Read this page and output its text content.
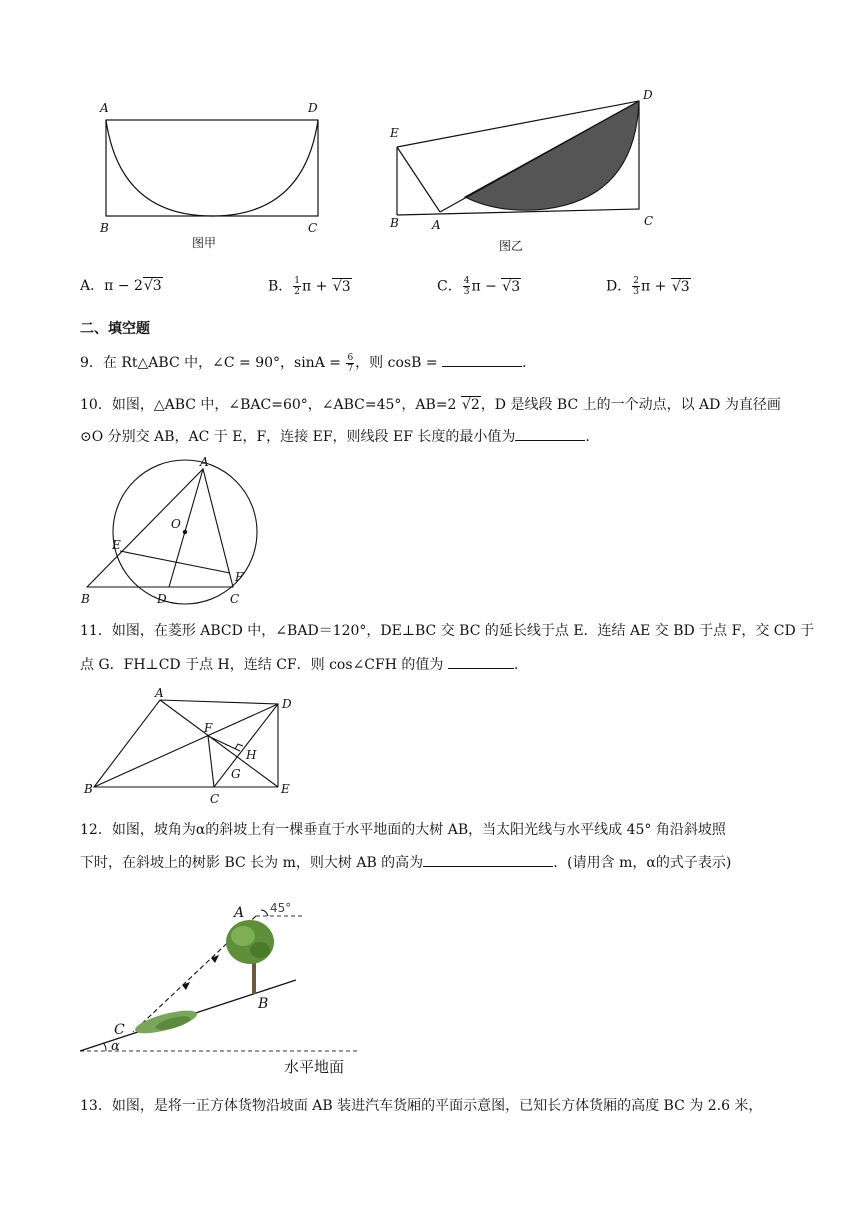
A	D
B	C
图甲
D
E
B	A	C
图乙
A．π − 2√3	B． $\frac{1}{2}$ π + √3	C． $\frac{4}{3}$ π − √3	D． $\frac{2}{3}$ π + √3
二、填空题
9．在 Rt△ABC 中，∠C = 90°，$\sin A = \frac{6}{7}$ ，则 cosB =	.
10．如图，△ABC 中，∠BAC=60°，∠ABC=45°，AB=2 √2，D 是线段 BC 上的一个动点，以 AD 为直径画
⊙O 分别交 AB，AC 于 E，F，连接 EF，则线段 EF 长度的最小值为	.
A
O
E
F
B	D	C
11．如图，在菱形 ABCD 中，∠BAD＝120°，DE⊥BC 交 BC 的延长线于点 E．连结 AE 交 BD 于点 F，交 CD 于
点 G．FH⊥CD 于点 H，连结 CF．则 cos∠CFH 的值为	.
A
D
F
H
G
B
C
E
12．如图，坡角为α的斜坡上有一棵垂直于水平地面的大树 AB，当太阳光线与水平线成 45° 角沿斜坡照
下时，在斜坡上的树影 BC 长为 m，则大树 AB 的高为	．(请用含 m，α的式子表示)
A 45°
B
C
α
水平地面
13．如图，是将一正方体货物沿坡面 AB 装进汽车货厢的平面示意图，已知长方体货厢的高度 BC 为 2.6 米，
